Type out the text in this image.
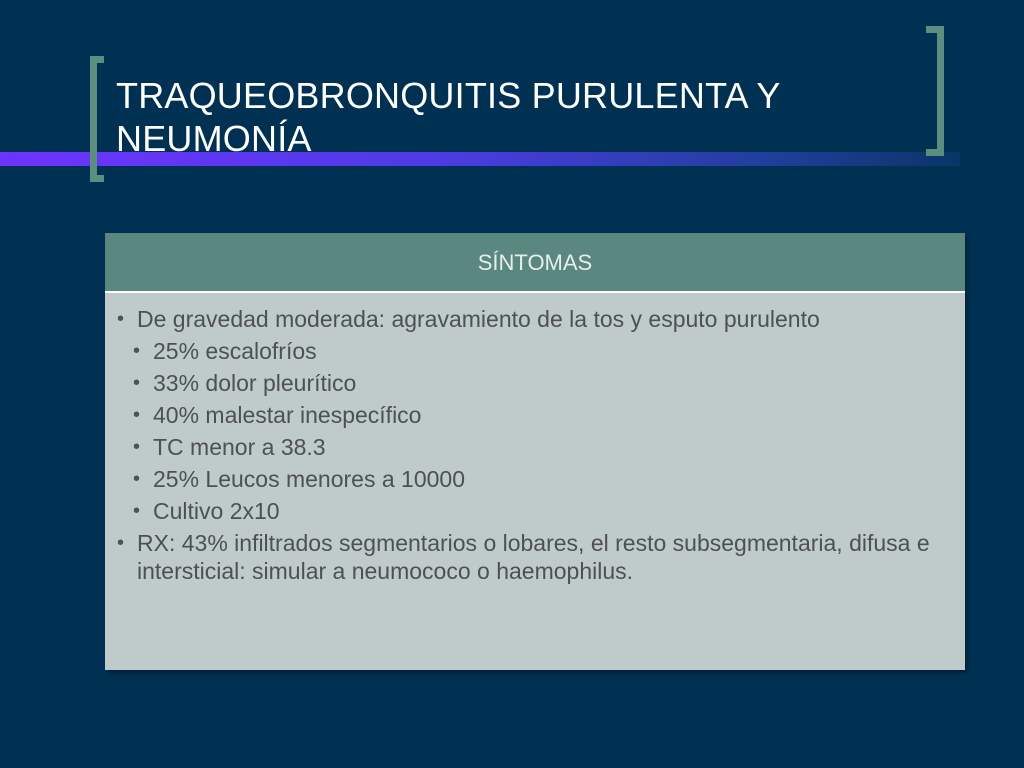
TRAQUEOBRONQUITIS PURULENTA Y NEUMONÍA
SÍNTOMAS
• De gravedad moderada: agravamiento de la tos y esputo purulento
• 25% escalofríos
• 33% dolor pleurítico
• 40% malestar inespecífico
• TC menor a 38.3
• 25% Leucos menores a 10000
• Cultivo 2x10
• RX: 43% infiltrados segmentarios o lobares, el resto subsegmentaria, difusa e intersticial: simular a neumococo o haemophilus.
